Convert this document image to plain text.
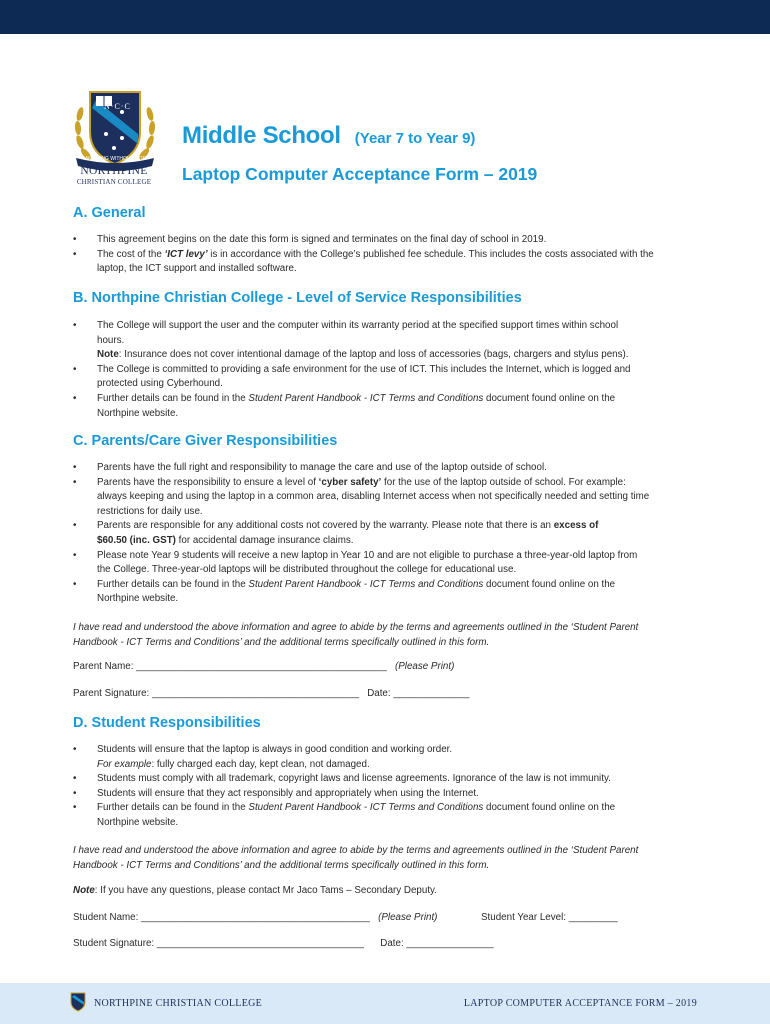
N·C·C
NOTHING WITHOUT GOD
NORTHPINE
CHRISTIAN COLLEGE
Middle School (Year 7 to Year 9)
Laptop Computer Acceptance Form – 2019
A. General
• This agreement begins on the date this form is signed and terminates on the final day of school in 2019.
• The cost of the ‘ICT levy’ is in accordance with the College’s published fee schedule. This includes the costs associated with the
laptop, the ICT support and installed software.
B. Northpine Christian College - Level of Service Responsibilities
• The College will support the user and the computer within its warranty period at the specified support times within school
hours.
Note: Insurance does not cover intentional damage of the laptop and loss of accessories (bags, chargers and stylus pens).
• The College is committed to providing a safe environment for the use of ICT. This includes the Internet, which is logged and
protected using Cyberhound.
• Further details can be found in the Student Parent Handbook - ICT Terms and Conditions document found online on the
Northpine website.
C. Parents/Care Giver Responsibilities
• Parents have the full right and responsibility to manage the care and use of the laptop outside of school.
• Parents have the responsibility to ensure a level of ‘cyber safety’ for the use of the laptop outside of school. For example:
always keeping and using the laptop in a common area, disabling Internet access when not specifically needed and setting time
restrictions for daily use.
• Parents are responsible for any additional costs not covered by the warranty. Please note that there is an excess of
$60.50 (inc. GST) for accidental damage insurance claims.
• Please note Year 9 students will receive a new laptop in Year 10 and are not eligible to purchase a three-year-old laptop from
the College. Three-year-old laptops will be distributed throughout the college for educational use.
• Further details can be found in the Student Parent Handbook - ICT Terms and Conditions document found online on the
Northpine website.
I have read and understood the above information and agree to abide by the terms and agreements outlined in the ‘Student Parent
Handbook - ICT Terms and Conditions’ and the additional terms specifically outlined in this form.
Parent Name: ______________________________________________ (Please Print)
Parent Signature: ______________________________________ Date: ______________
D. Student Responsibilities
• Students will ensure that the laptop is always in good condition and working order.
For example: fully charged each day, kept clean, not damaged.
• Students must comply with all trademark, copyright laws and license agreements. Ignorance of the law is not immunity.
• Students will ensure that they act responsibly and appropriately when using the Internet.
• Further details can be found in the Student Parent Handbook - ICT Terms and Conditions document found online on the
Northpine website.
I have read and understood the above information and agree to abide by the terms and agreements outlined in the ‘Student Parent
Handbook - ICT Terms and Conditions’ and the additional terms specifically outlined in this form.
Note: If you have any questions, please contact Mr Jaco Tams – Secondary Deputy.
Student Name: __________________________________________ (Please Print)	Student Year Level: _________
Student Signature: ______________________________________ Date: ________________
NORTHPINE CHRISTIAN COLLEGE	LAPTOP COMPUTER ACCEPTANCE FORM – 2019
